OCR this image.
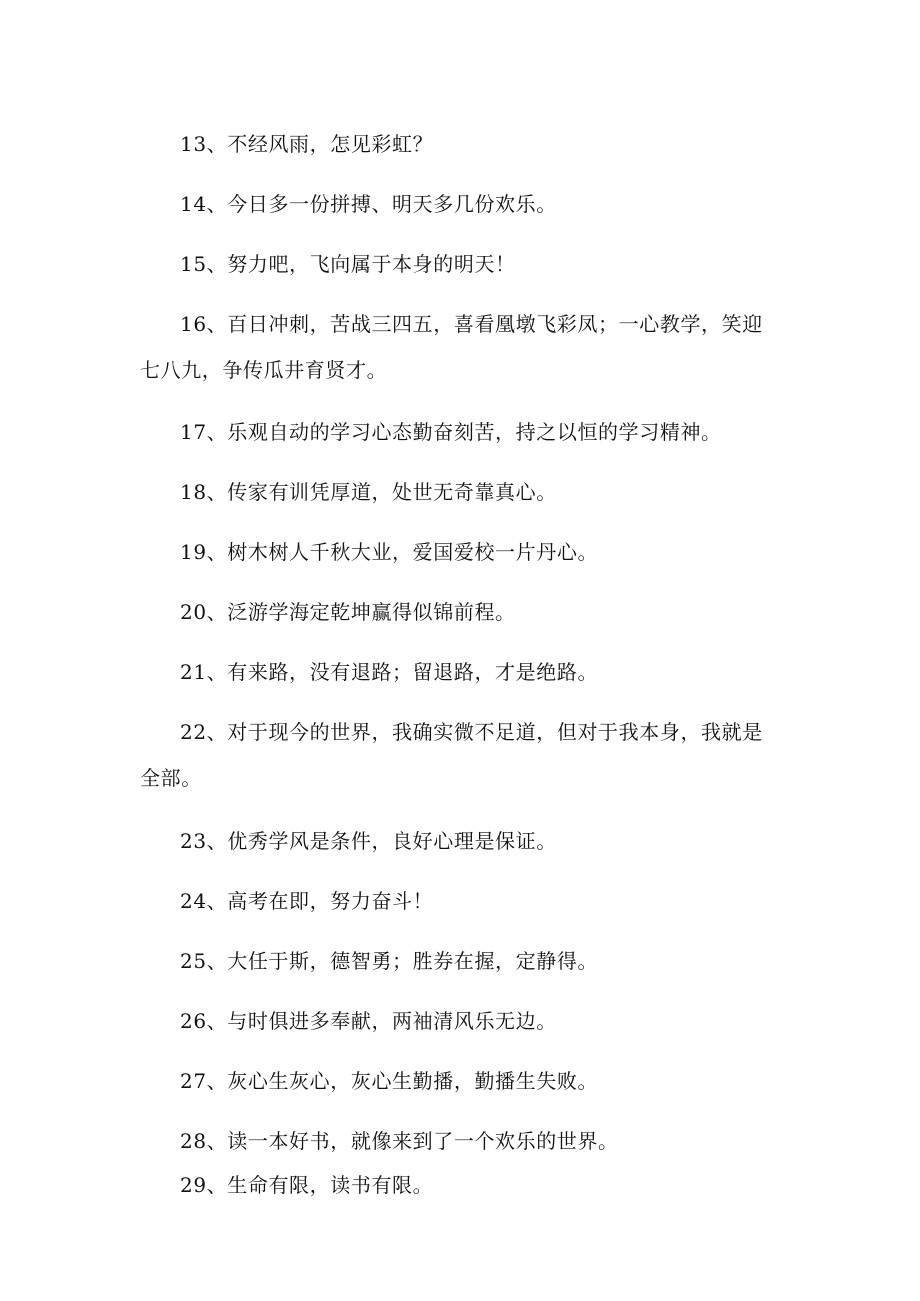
13、不经风雨，怎见彩虹？

14、今日多一份拼搏、明天多几份欢乐。

15、努力吧，飞向属于本身的明天！

16、百日冲刺，苦战三四五，喜看凰墩飞彩凤；一心教学，笑迎七八九，争传瓜井育贤才。

17、乐观自动的学习心态勤奋刻苦，持之以恒的学习精神。

18、传家有训凭厚道，处世无奇靠真心。

19、树木树人千秋大业，爱国爱校一片丹心。

20、泛游学海定乾坤赢得似锦前程。

21、有来路，没有退路；留退路，才是绝路。

22、对于现今的世界，我确实微不足道，但对于我本身，我就是全部。

23、优秀学风是条件，良好心理是保证。

24、高考在即，努力奋斗！

25、大任于斯，德智勇；胜券在握，定静得。

26、与时俱进多奉献，两袖清风乐无边。

27、灰心生灰心，灰心生勤播，勤播生失败。

28、读一本好书，就像来到了一个欢乐的世界。

29、生命有限，读书有限。
